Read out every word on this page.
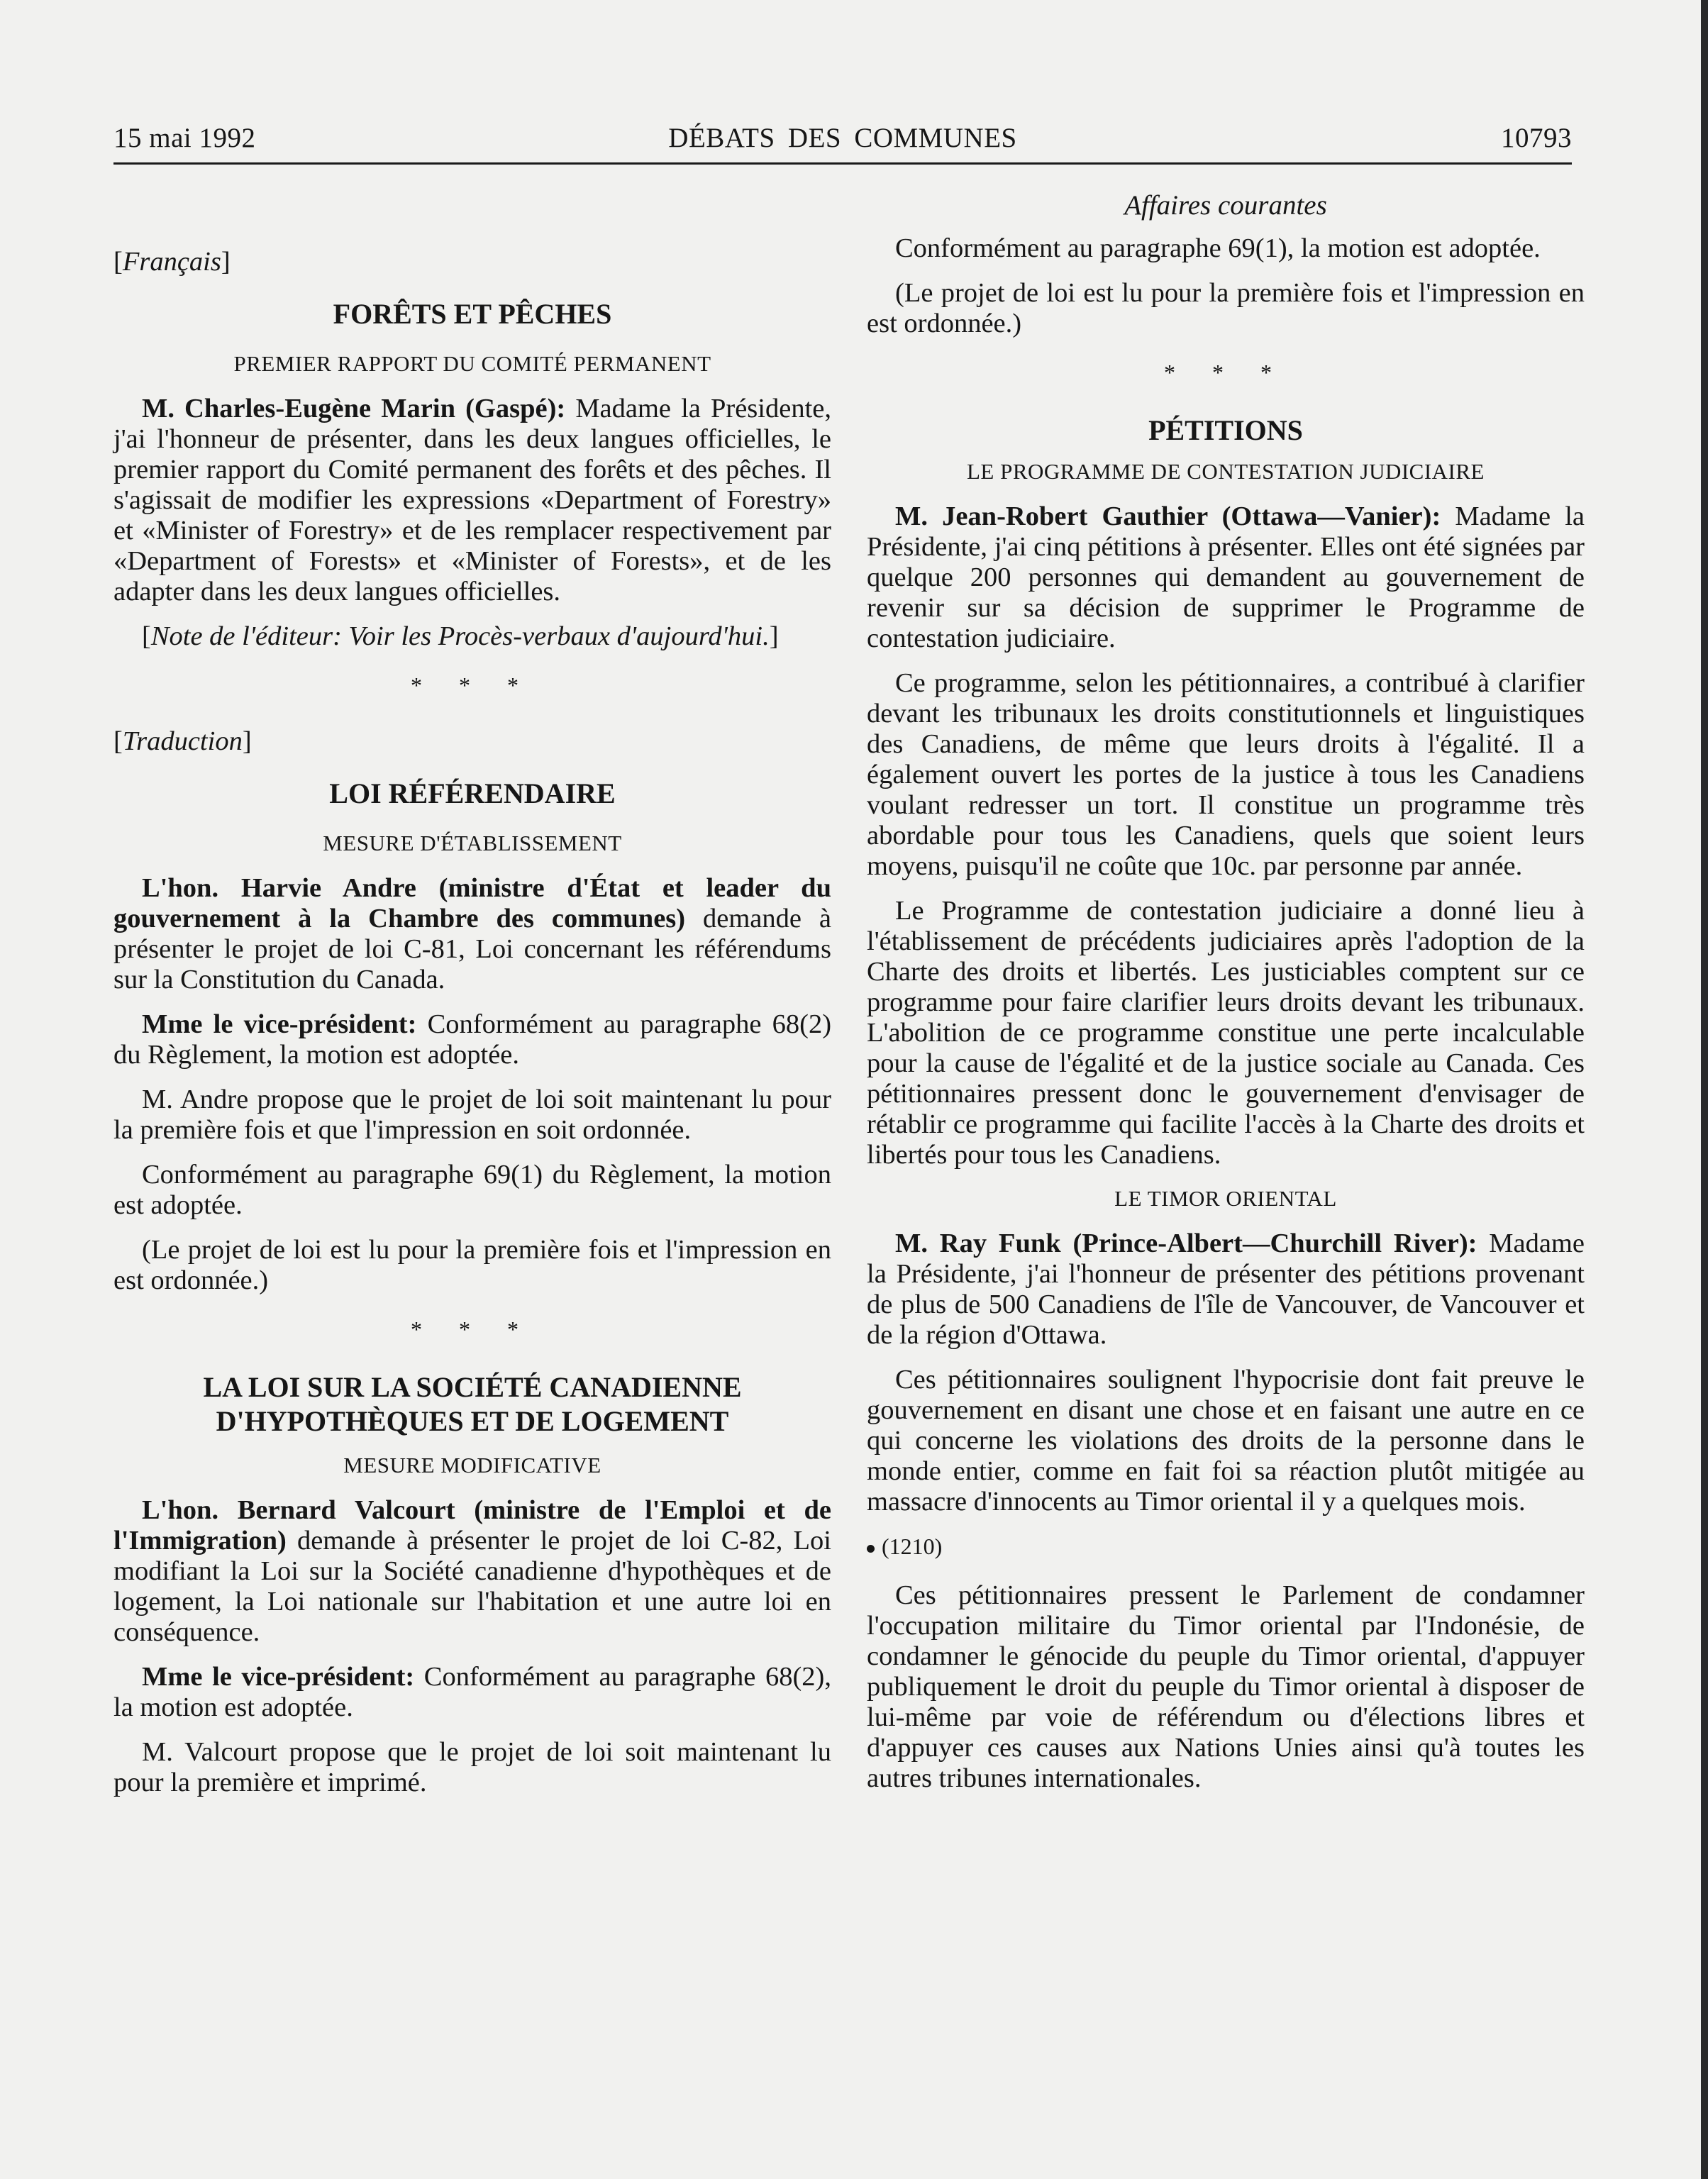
15 mai 1992	DÉBATS DES COMMUNES	10793

[Français]

FORÊTS ET PÊCHES
PREMIER RAPPORT DU COMITÉ PERMANENT

M. Charles-Eugène Marin (Gaspé): Madame la Présidente, j'ai l'honneur de présenter, dans les deux langues officielles, le premier rapport du Comité permanent des forêts et des pêches. Il s'agissait de modifier les expressions «Department of Forestry» et «Minister of Forestry» et de les remplacer respectivement par «Department of Forests» et «Minister of Forests», et de les adapter dans les deux langues officielles.

[Note de l'éditeur: Voir les Procès-verbaux d'aujourd'hui.]

* * *

[Traduction]

LOI RÉFÉRENDAIRE
MESURE D'ÉTABLISSEMENT

L'hon. Harvie Andre (ministre d'État et leader du gouvernement à la Chambre des communes) demande à présenter le projet de loi C-81, Loi concernant les référendums sur la Constitution du Canada.

Mme le vice-président: Conformément au paragraphe 68(2) du Règlement, la motion est adoptée.

M. Andre propose que le projet de loi soit maintenant lu pour la première fois et que l'impression en soit ordonnée.

Conformément au paragraphe 69(1) du Règlement, la motion est adoptée.

(Le projet de loi est lu pour la première fois et l'impression en est ordonnée.)

* * *
LA LOI SUR LA SOCIÉTÉ CANADIENNE
D'HYPOTHÈQUES ET DE LOGEMENT
MESURE MODIFICATIVE

L'hon. Bernard Valcourt (ministre de l'Emploi et de l'Immigration) demande à présenter le projet de loi C-82, Loi modifiant la Loi sur la Société canadienne d'hypothèques et de logement, la Loi nationale sur l'habitation et une autre loi en conséquence.

Mme le vice-président: Conformément au paragraphe 68(2), la motion est adoptée.

M. Valcourt propose que le projet de loi soit maintenant lu pour la première et imprimé.

Affaires courantes

Conformément au paragraphe 69(1), la motion est adoptée.

(Le projet de loi est lu pour la première fois et l'impression en est ordonnée.)

* * *
PÉTITIONS
LE PROGRAMME DE CONTESTATION JUDICIAIRE

M. Jean-Robert Gauthier (Ottawa—Vanier): Madame la Présidente, j'ai cinq pétitions à présenter. Elles ont été signées par quelque 200 personnes qui demandent au gouvernement de revenir sur sa décision de supprimer le Programme de contestation judiciaire.

Ce programme, selon les pétitionnaires, a contribué à clarifier devant les tribunaux les droits constitutionnels et linguistiques des Canadiens, de même que leurs droits à l'égalité. Il a également ouvert les portes de la justice à tous les Canadiens voulant redresser un tort. Il constitue un programme très abordable pour tous les Canadiens, quels que soient leurs moyens, puisqu'il ne coûte que 10c. par personne par année.

Le Programme de contestation judiciaire a donné lieu à l'établissement de précédents judiciaires après l'adoption de la Charte des droits et libertés. Les justiciables comptent sur ce programme pour faire clarifier leurs droits devant les tribunaux. L'abolition de ce programme constitue une perte incalculable pour la cause de l'égalité et de la justice sociale au Canada. Ces pétitionnaires pressent donc le gouvernement d'envisager de rétablir ce programme qui facilite l'accès à la Charte des droits et libertés pour tous les Canadiens.

LE TIMOR ORIENTAL

M. Ray Funk (Prince-Albert—Churchill River): Madame la Présidente, j'ai l'honneur de présenter des pétitions provenant de plus de 500 Canadiens de l'île de Vancouver, de Vancouver et de la région d'Ottawa.

Ces pétitionnaires soulignent l'hypocrisie dont fait preuve le gouvernement en disant une chose et en faisant une autre en ce qui concerne les violations des droits de la personne dans le monde entier, comme en fait foi sa réaction plutôt mitigée au massacre d'innocents au Timor oriental il y a quelques mois.

(1210)

Ces pétitionnaires pressent le Parlement de condamner l'occupation militaire du Timor oriental par l'Indonésie, de condamner le génocide du peuple du Timor oriental, d'appuyer publiquement le droit du peuple du Timor oriental à disposer de lui-même par voie de référendum ou d'élections libres et d'appuyer ces causes aux Nations Unies ainsi qu'à toutes les autres tribunes internationales.
